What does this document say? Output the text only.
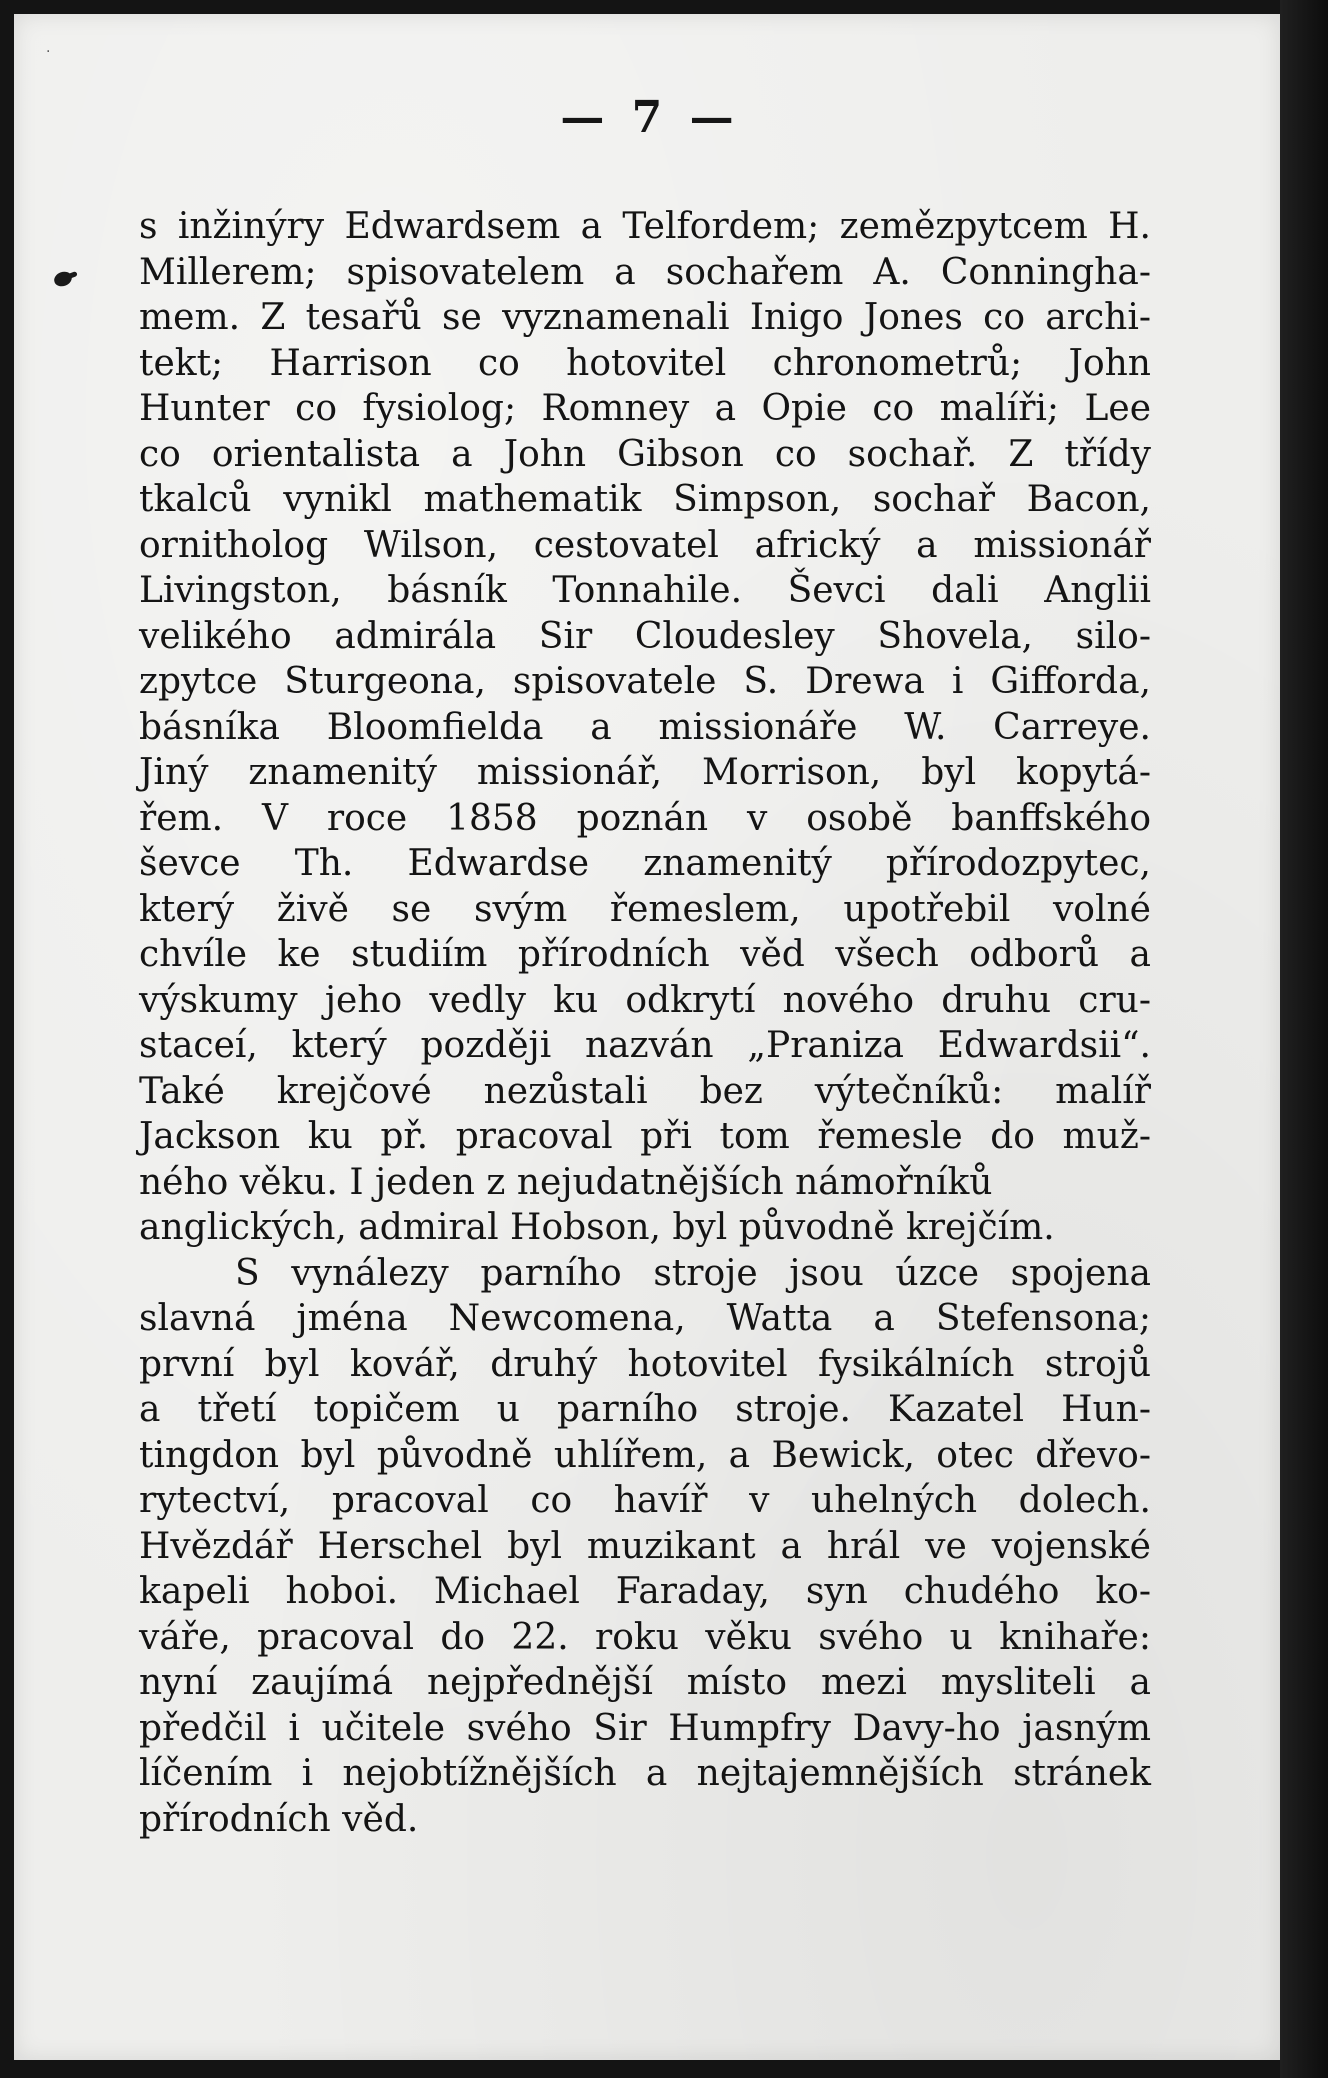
·
— 7 —
s inžinýry Edwardsem a Telfordem; zemězpytcem H.
Millerem; spisovatelem a sochařem A. Conningha-
mem. Z tesařů se vyznamenali Inigo Jones co archi-
tekt; Harrison co hotovitel chronometrů; John
Hunter co fysiolog; Romney a Opie co malíři; Lee
co orientalista a John Gibson co sochař. Z třídy
tkalců vynikl mathematik Simpson, sochař Bacon,
ornitholog Wilson, cestovatel africký a missionář
Livingston, básník Tonnahile. Ševci dali Anglii
velikého admirála Sir Cloudesley Shovela, silo-
zpytce Sturgeona, spisovatele S. Drewa i Gifforda,
básníka Bloomfielda a missionáře W. Carreye.
Jiný znamenitý missionář, Morrison, byl kopytá-
řem. V roce 1858 poznán v osobě banffského
ševce Th. Edwardse znamenitý přírodozpytec,
který živě se svým řemeslem, upotřebil volné
chvíle ke studiím přírodních věd všech odborů a
výskumy jeho vedly ku odkrytí nového druhu cru-
staceí, který později nazván „Praniza Edwardsii“.
Také krejčové nezůstali bez výtečníků: malíř
Jackson ku př. pracoval při tom řemesle do muž-
ného věku. I jeden z nejudatnějších námořníků
anglických, admiral Hobson, byl původně krejčím.
S vynálezy parního stroje jsou úzce spojena
slavná jména Newcomena, Watta a Stefensona;
první byl kovář, druhý hotovitel fysikálních strojů
a třetí topičem u parního stroje. Kazatel Hun-
tingdon byl původně uhlířem, a Bewick, otec dřevo-
rytectví, pracoval co havíř v uhelných dolech.
Hvězdář Herschel byl muzikant a hrál ve vojenské
kapeli hoboi. Michael Faraday, syn chudého ko-
váře, pracoval do 22. roku věku svého u knihaře:
nyní zaujímá nejpřednější místo mezi mysliteli a
předčil i učitele svého Sir Humpfry Davy-ho jasným
líčením i nejobtížnějších a nejtajemnějších stránek
přírodních věd.
